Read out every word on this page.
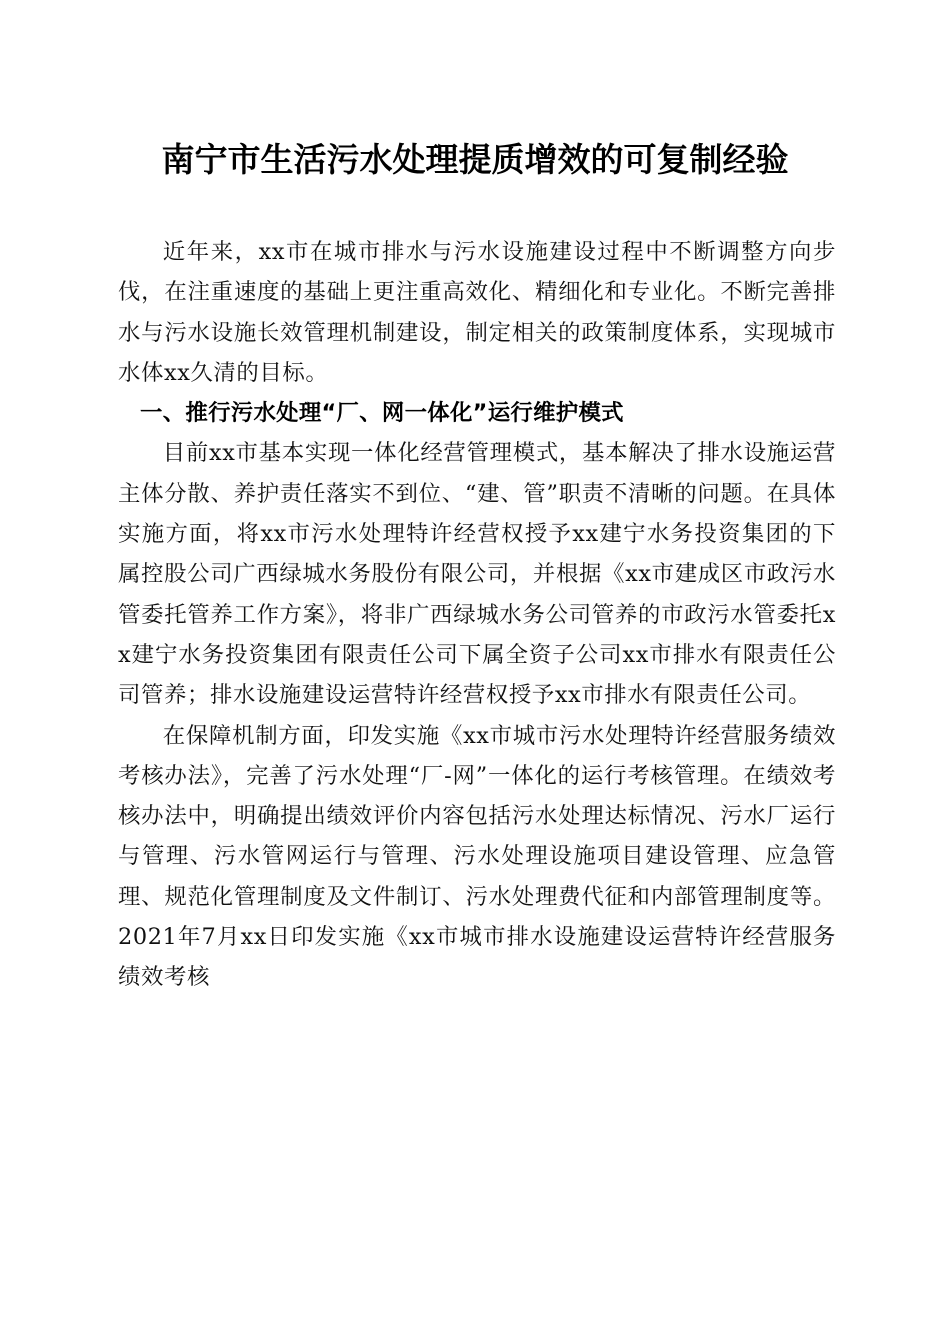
南宁市生活污水处理提质增效的可复制经验

近年来，xx市在城市排水与污水设施建设过程中不断调整方向步伐，在注重速度的基础上更注重高效化、精细化和专业化。不断完善排水与污水设施长效管理机制建设，制定相关的政策制度体系，实现城市水体xx久清的目标。

一、推行污水处理“厂、网一体化”运行维护模式

目前xx市基本实现一体化经营管理模式，基本解决了排水设施运营主体分散、养护责任落实不到位、“建、管”职责不清晰的问题。在具体实施方面，将xx市污水处理特许经营权授予xx建宁水务投资集团的下属控股公司广西绿城水务股份有限公司，并根据《xx市建成区市政污水管委托管养工作方案》，将非广西绿城水务公司管养的市政污水管委托xx建宁水务投资集团有限责任公司下属全资子公司xx市排水有限责任公司管养；排水设施建设运营特许经营权授予xx市排水有限责任公司。

在保障机制方面，印发实施《xx市城市污水处理特许经营服务绩效考核办法》，完善了污水处理“厂-网”一体化的运行考核管理。在绩效考核办法中，明确提出绩效评价内容包括污水处理达标情况、污水厂运行与管理、污水管网运行与管理、污水处理设施项目建设管理、应急管理、规范化管理制度及文件制订、污水处理费代征和内部管理制度等。2021年7月xx日印发实施《xx市城市排水设施建设运营特许经营服务绩效考核
